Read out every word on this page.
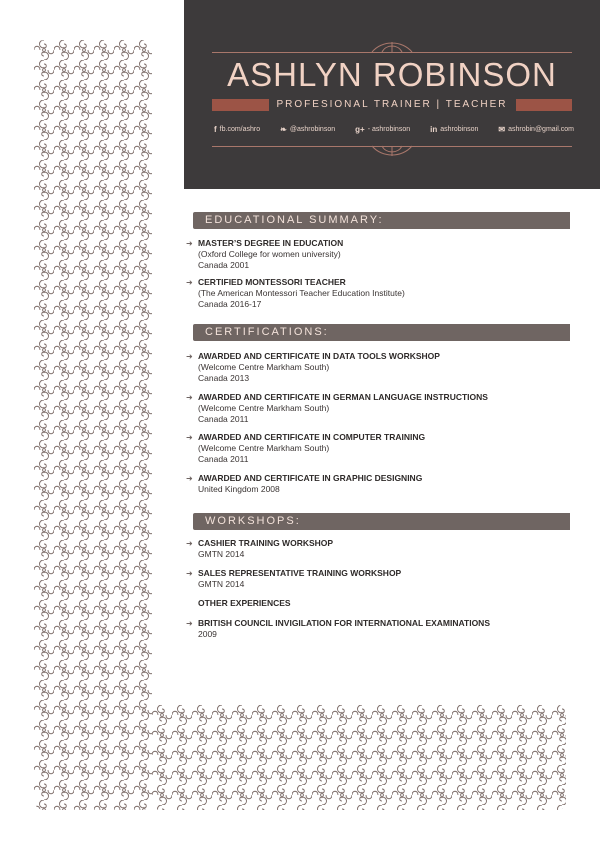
ASHLYN ROBINSON
PROFESIONAL TRAINER | TEACHER
f fb.com/ashro	❧ @ashrobinson	g+ - ashrobinson	in ashrobinson	✉ ashrobin@gmail.com
EDUCATIONAL SUMMARY:
➜ MASTER’S DEGREE IN EDUCATION
(Oxford College for women university)
Canada 2001
➜ CERTIFIED MONTESSORI TEACHER
(The American Montessori Teacher Education Institute)
Canada 2016-17
CERTIFICATIONS:
➜ AWARDED AND CERTIFICATE IN DATA TOOLS WORKSHOP
(Welcome Centre Markham South)
Canada 2013
➜ AWARDED AND CERTIFICATE IN GERMAN LANGUAGE INSTRUCTIONS
(Welcome Centre Markham South)
Canada 2011
➜ AWARDED AND CERTIFICATE IN COMPUTER TRAINING
(Welcome Centre Markham South)
Canada 2011
➜ AWARDED AND CERTIFICATE IN GRAPHIC DESIGNING
United Kingdom 2008
WORKSHOPS:
➜ CASHIER TRAINING WORKSHOP
GMTN 2014
➜ SALES REPRESENTATIVE TRAINING WORKSHOP
GMTN 2014
OTHER EXPERIENCES
➜ BRITISH COUNCIL INVIGILATION FOR INTERNATIONAL EXAMINATIONS
2009
